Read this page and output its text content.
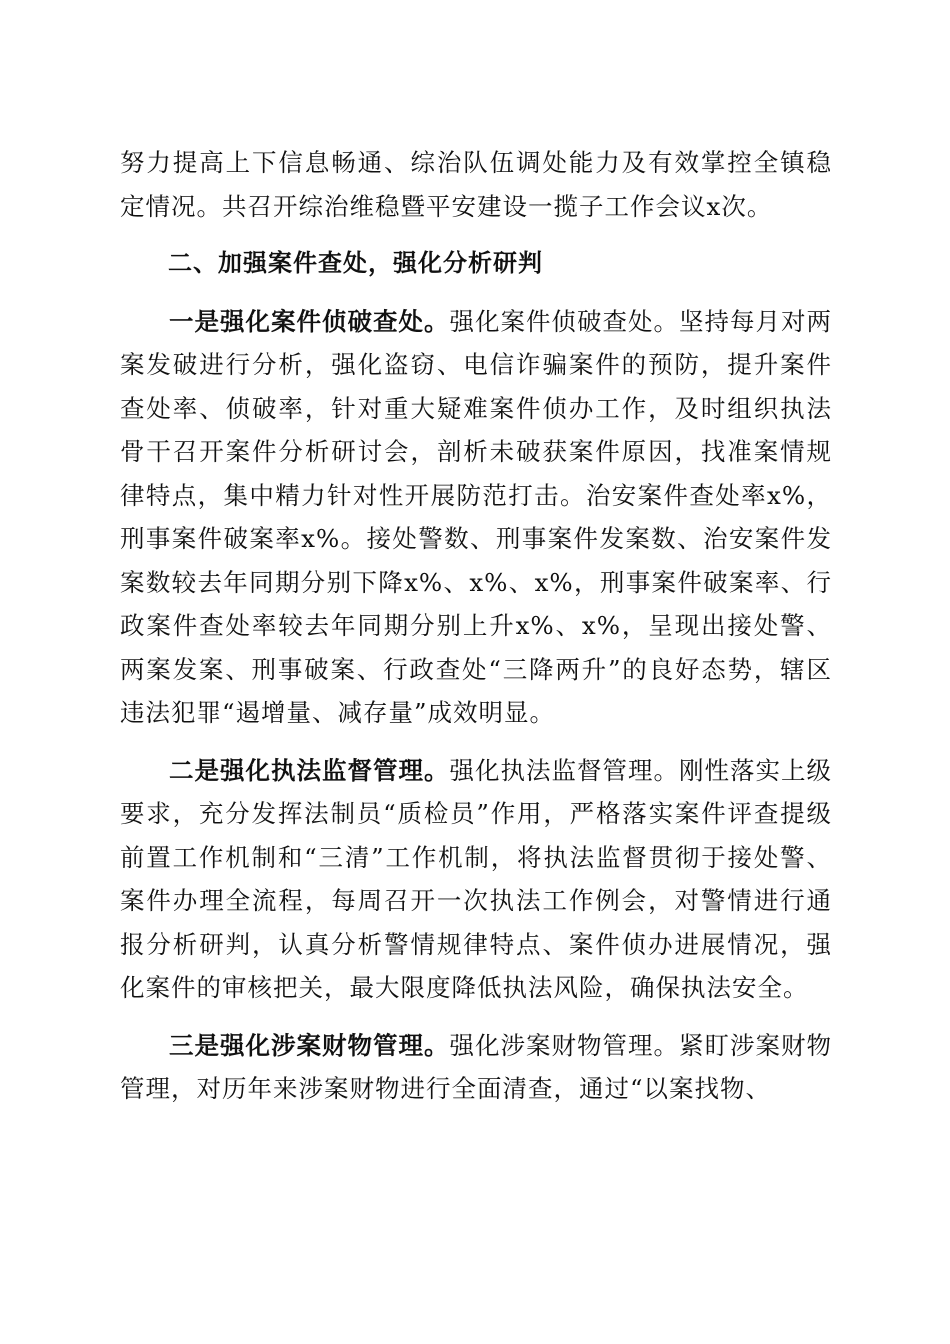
努力提高上下信息畅通、综治队伍调处能力及有效掌控全镇稳定情况。共召开综治维稳暨平安建设一揽子工作会议x次。

二、加强案件查处，强化分析研判

一是强化案件侦破查处。强化案件侦破查处。坚持每月对两案发破进行分析，强化盗窃、电信诈骗案件的预防，提升案件查处率、侦破率，针对重大疑难案件侦办工作，及时组织执法骨干召开案件分析研讨会，剖析未破获案件原因，找准案情规律特点，集中精力针对性开展防范打击。治安案件查处率x%，刑事案件破案率x%。接处警数、刑事案件发案数、治安案件发案数较去年同期分别下降x%、x%、x%，刑事案件破案率、行政案件查处率较去年同期分别上升x%、x%，呈现出接处警、两案发案、刑事破案、行政查处“三降两升”的良好态势，辖区违法犯罪“遏增量、减存量”成效明显。

二是强化执法监督管理。强化执法监督管理。刚性落实上级要求，充分发挥法制员“质检员”作用，严格落实案件评查提级前置工作机制和“三清”工作机制，将执法监督贯彻于接处警、案件办理全流程，每周召开一次执法工作例会，对警情进行通报分析研判，认真分析警情规律特点、案件侦办进展情况，强化案件的审核把关，最大限度降低执法风险，确保执法安全。

三是强化涉案财物管理。强化涉案财物管理。紧盯涉案财物管理，对历年来涉案财物进行全面清查，通过“以案找物、
